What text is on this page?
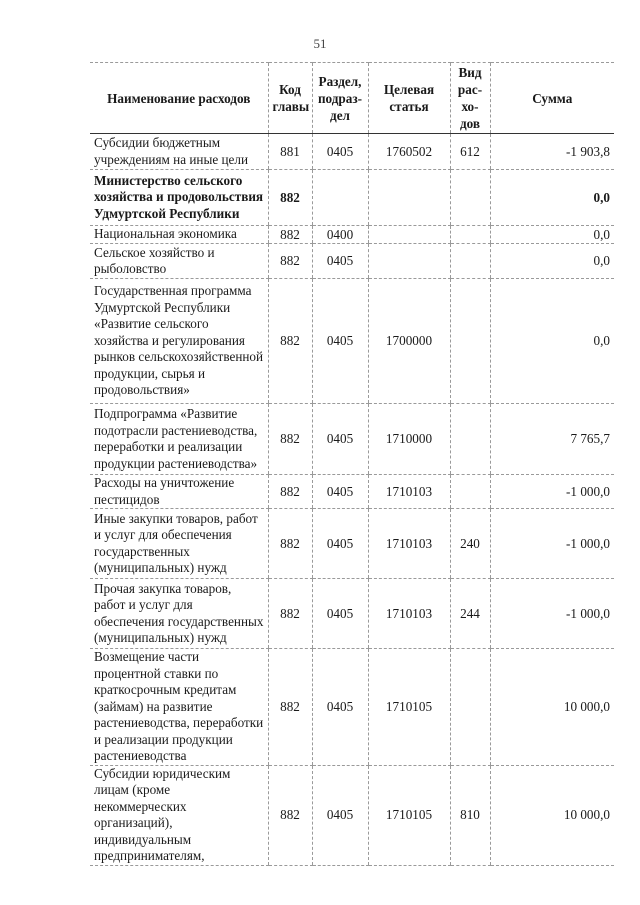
51
Наименование расходов	Код главы	Раздел, подраз-дел	Целевая статья	Вид рас-хо-дов	Сумма
Субсидии бюджетным учреждениям на иные цели	881	0405	1760502	612	-1 903,8
Министерство сельского хозяйства и продовольствия Удмуртской Республики	882				0,0
Национальная экономика	882	0400			0,0
Сельское хозяйство и рыболовство	882	0405			0,0
Государственная программа Удмуртской Республики «Развитие сельского хозяйства и регулирования рынков сельскохозяйственной продукции, сырья и продовольствия»	882	0405	1700000		0,0
Подпрограмма «Развитие подотрасли растениеводства, переработки и реализации продукции растениеводства»	882	0405	1710000		7 765,7
Расходы на уничтожение пестицидов	882	0405	1710103		-1 000,0
Иные закупки товаров, работ и услуг для обеспечения государственных (муниципальных) нужд	882	0405	1710103	240	-1 000,0
Прочая закупка товаров, работ и услуг для обеспечения государственных (муниципальных) нужд	882	0405	1710103	244	-1 000,0
Возмещение части процентной ставки по краткосрочным кредитам (займам) на развитие растениеводства, переработки и реализации продукции растениеводства	882	0405	1710105		10 000,0
Субсидии юридическим лицам (кроме некоммерческих организаций), индивидуальным предпринимателям,	882	0405	1710105	810	10 000,0
